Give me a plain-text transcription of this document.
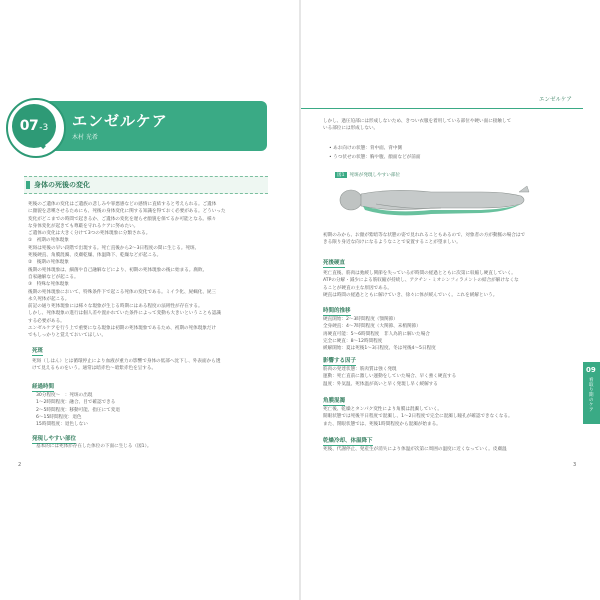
07 -3 エンゼルケア
木村 光希
身体の死後の変化
死後のご遺体の変化はご遺族の悲しみや罪悪感などの感情に直結すると考えられる。ご遺体
に顔貌を悲嘆させるためにも、死後の身体変化に関する知識を得ておく必要がある。どういった
変化がどこまでの時間で起きるか、ご遺体の変化を遅らせ顔貌を保てるか可能となる。様々
な身体変化が起きても尊厳を守れるケアに努めたい。
ご遺体の変化は大きく分けて3つの死体現象に分類される。
①　初期の死体現象
死斑は死後の早い段階で出現する。死亡直後から2～3日程度の間に生じる。死斑、
死後硬直、角膜混濁、皮膚乾燥、体温降下、乾燥などが起こる。
②　後期の死体現象
後期の死体現象は、細菌や自己融解などにより、初期の死体現象の後に始まる。腐敗、
自家融解などが起こる。
③　特殊な死体現象
後期の死体現象において、特殊条件下で起こる死体の変化である。ミイラ化、屍蝋化、屍三
永久死体が起こる。
前記の通り死体現象には様々な現象が生じる時期にはある程度の法則性が存在する。
しかし、死体現象の進行は個人差や置かれていた条件によって変動も大きいということも認識
する必要がある。
エンゼルケアを行う上で重要になる現象は初期の死体現象であるため、初期の死体現象だけ
でもしっかりと覚えておいてほしい。
死斑
死斑（しはん）とは循環停止により血液が重力の影響で身体の低部へ沈下し、外表面から透
けて見えるものをいう。通常は暗赤色～暗紫赤色を呈する。
経過時間
30分程度～　：死斑の出現
1～2時間程度：融合、目で確認できる
2～5時間程度：移動可能、指圧にて変退
6～15時間程度：退色
15時間程度：退色しない
発現しやすい部位
基本的には死体が存在した体位の下面に生じる（図1）。
2
エンゼルケア
しかし、過圧迫部には形成しないため、きつい衣服を着用している部位や硬い面に接触して
いる部位には形成しない。
• あお向けの状態：背中面、背中側
• うつ伏せの状態：胸や腹、顔面などが前面
図1 死斑が発現しやすい部位
初期のみから、お顔が紫暗等な状態の姿で見れれることもあるので、対象者の方が動脈の場合はで
きる限り身近な向けになるようなことで安置することが望ましい。
死後硬直
死亡直後、筋肉は弛緩し関節を失っているが時間の経過とともに次第に収縮し硬直していく。
ATPの分解・減少による筋収縮が持続し、アクチン・ミオシンフィラメントの結合が解けなくな
ることが硬直の主な原因である。
硬直は時間の経過とともに解けていき、徐々に体が緩んでいく。これを緩解という。
時間的推移
硬直開始：2～3時間程度（顎関節）
全身硬直：4～7時間程度（大関節、末梢関節）
再硬直可能：5～6時間程度　非人為的に解いた場合
完全に硬直：8～12時間程度
緩解開始：夏は死後1～3日程度、冬は死後4～5日程度
影響する因子
筋肉の発達状態：筋肉質は強く発現
運動：死亡直前に激しい運動をしていた場合、早く強く硬直する
温度：外気温、死体温が高いと早く発現し早く緩解する
角膜混濁
死亡後、乾燥とタンパク変性により角膜は混濁していく。
開眼状態では死後半日程度で混濁し、1～2日程度で完全に混濁し瞳孔が確認できなくなる。
また、閉眼状態では、死後1時間程度から混濁が始まる。
乾燥冷却、体温降下
死後、代謝停止、発産生が消失により体温が次第に周囲の温度に近くなっていく。皮膚温
3
09
看取り期のケア
